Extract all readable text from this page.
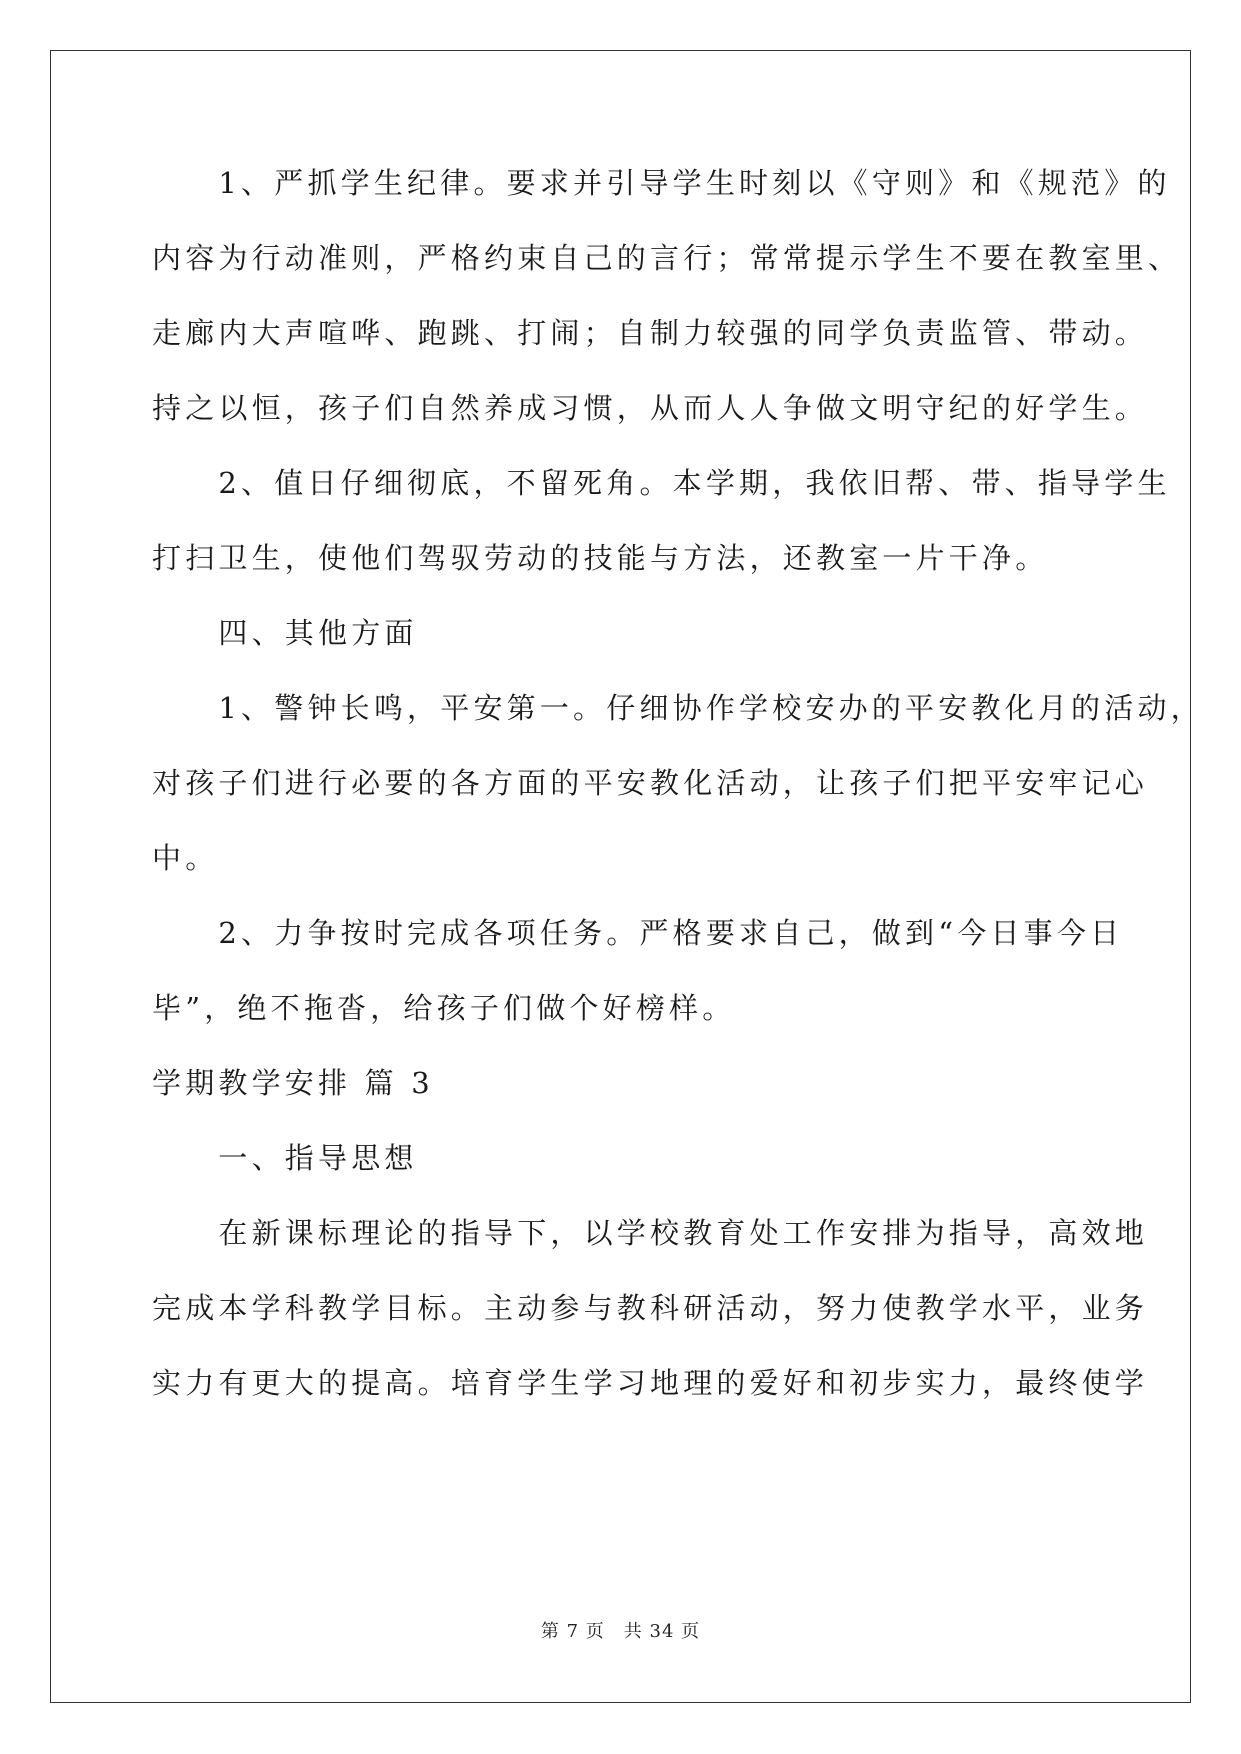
　　1、严抓学生纪律。要求并引导学生时刻以《守则》和《规范》的
内容为行动准则，严格约束自己的言行；常常提示学生不要在教室里、
走廊内大声喧哗、跑跳、打闹；自制力较强的同学负责监管、带动。
持之以恒，孩子们自然养成习惯，从而人人争做文明守纪的好学生。
　　2、值日仔细彻底，不留死角。本学期，我依旧帮、带、指导学生
打扫卫生，使他们驾驭劳动的技能与方法，还教室一片干净。
　　四、其他方面
　　1、警钟长鸣，平安第一。仔细协作学校安办的平安教化月的活动，
对孩子们进行必要的各方面的平安教化活动，让孩子们把平安牢记心
中。
　　2、力争按时完成各项任务。严格要求自己，做到“今日事今日
毕”，绝不拖沓，给孩子们做个好榜样。
学期教学安排 篇 3
　　一、指导思想
　　在新课标理论的指导下，以学校教育处工作安排为指导，高效地
完成本学科教学目标。主动参与教科研活动，努力使教学水平，业务
实力有更大的提高。培育学生学习地理的爱好和初步实力，最终使学
第 7 页　共 34 页
